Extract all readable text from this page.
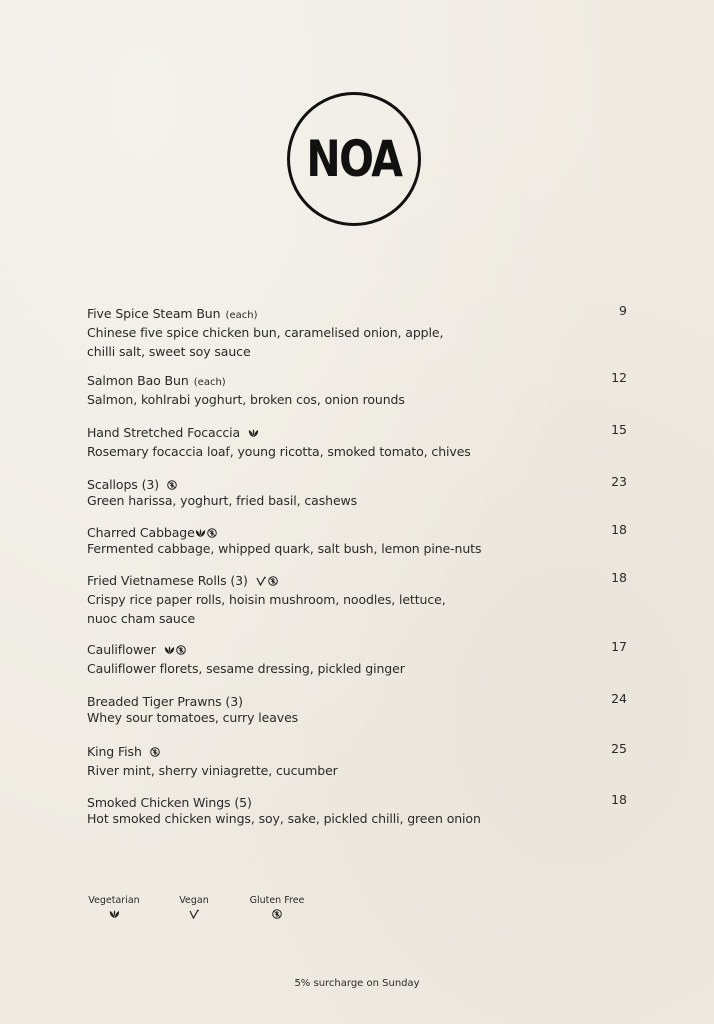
NOA
Five Spice Steam Bun (each)	9
Chinese five spice chicken bun, caramelised onion, apple,
chilli salt, sweet soy sauce
Salmon Bao Bun (each)	12
Salmon, kohlrabi yoghurt, broken cos, onion rounds
Hand Stretched Focaccia	15
Rosemary focaccia loaf, young ricotta, smoked tomato, chives
Scallops (3)	23
Green harissa, yoghurt, fried basil, cashews
Charred Cabbage	18
Fermented cabbage, whipped quark, salt bush, lemon pine-nuts
Fried Vietnamese Rolls (3)	18
Crispy rice paper rolls, hoisin mushroom, noodles, lettuce,
nuoc cham sauce
Cauliflower	17
Cauliflower florets, sesame dressing, pickled ginger
Breaded Tiger Prawns (3)	24
Whey sour tomatoes, curry leaves
King Fish	25
River mint, sherry viniagrette, cucumber
Smoked Chicken Wings (5)	18
Hot smoked chicken wings, soy, sake, pickled chilli, green onion
Vegetarian	Vegan	Gluten Free
5% surcharge on Sunday
